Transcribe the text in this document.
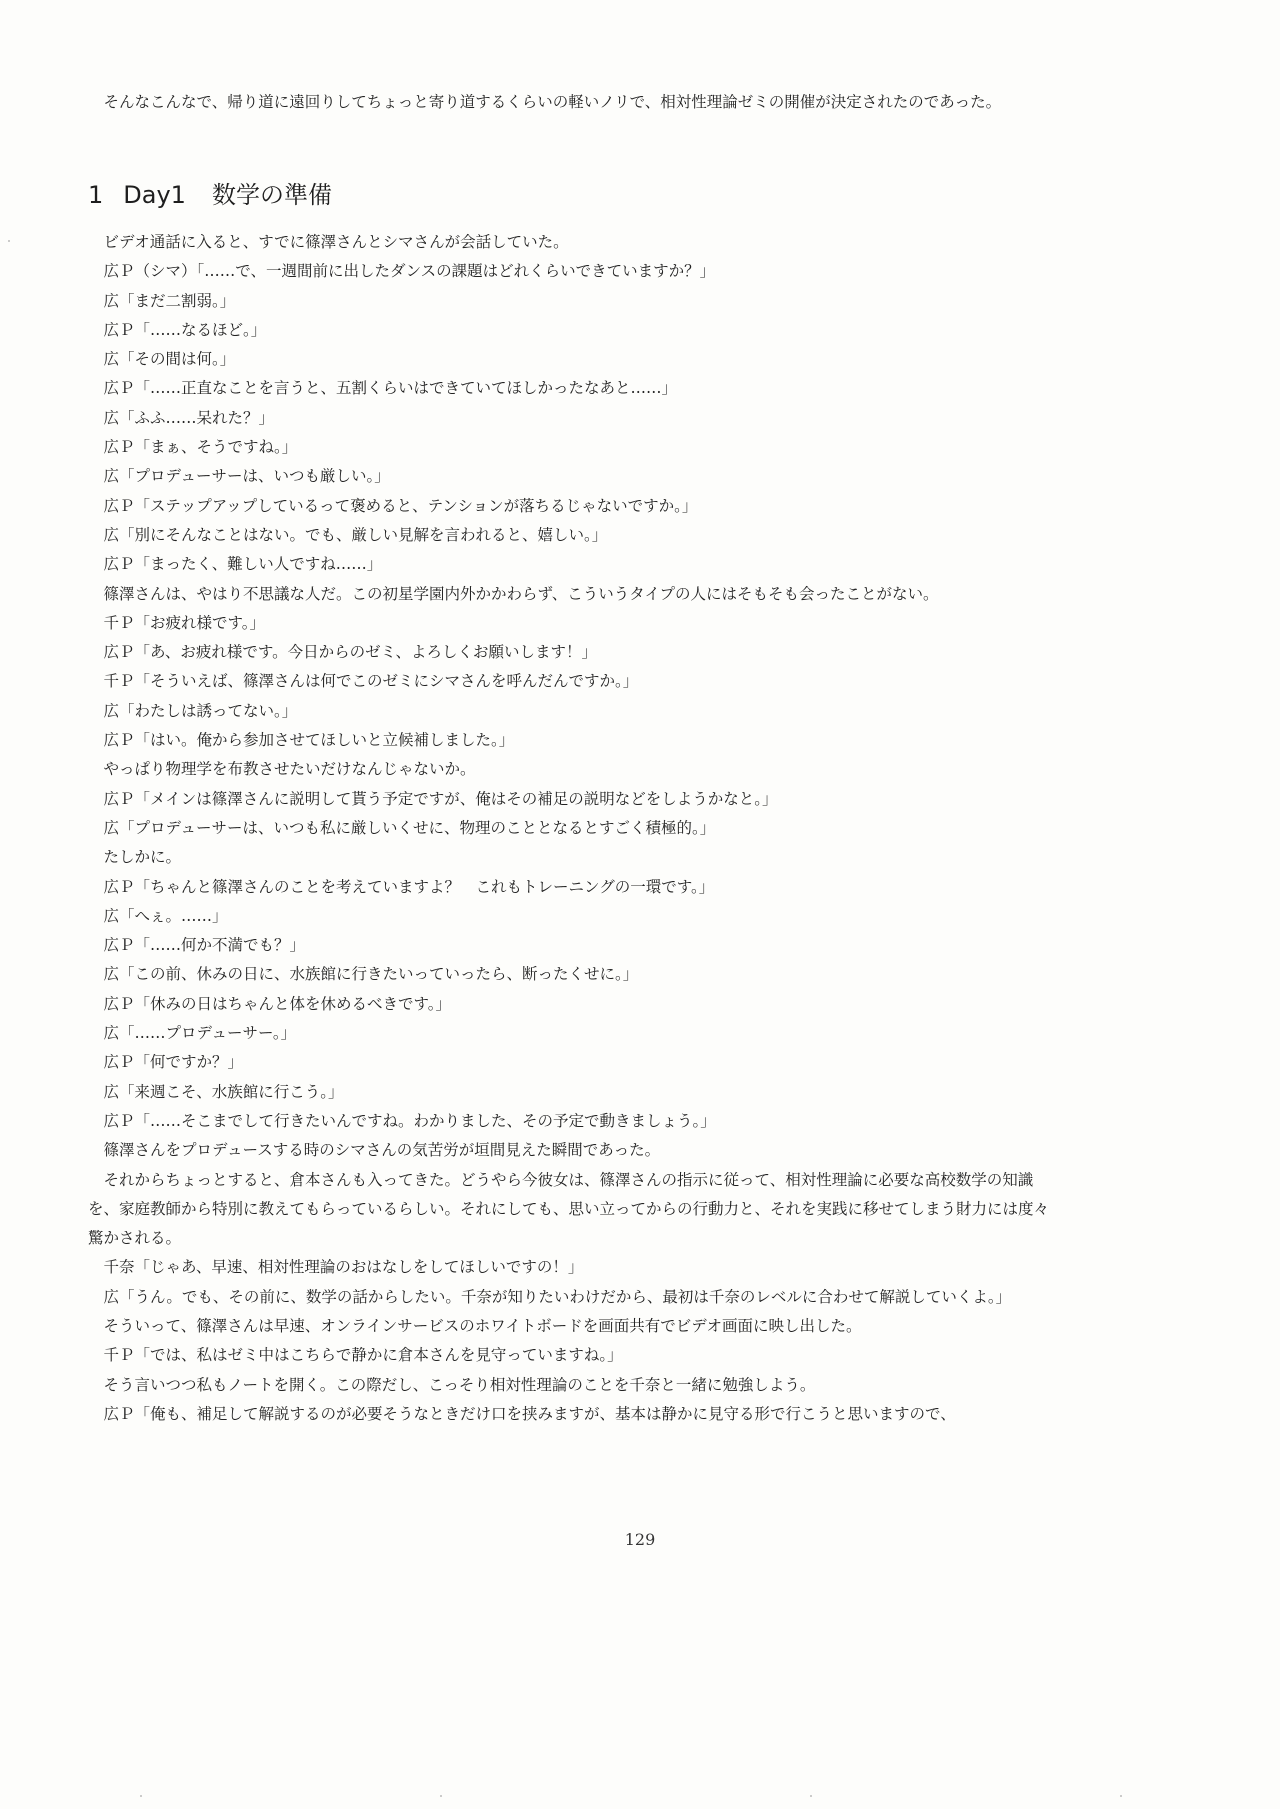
そんなこんなで、帰り道に遠回りしてちょっと寄り道するくらいの軽いノリで、相対性理論ゼミの開催が決定されたのであった。

1 Day1 数学の準備

ビデオ通話に入ると、すでに篠澤さんとシマさんが会話していた。

広Ｐ（シマ）「……で、一週間前に出したダンスの課題はどれくらいできていますか？」

広「まだ二割弱。」

広Ｐ「……なるほど。」

広「その間は何。」

広Ｐ「……正直なことを言うと、五割くらいはできていてほしかったなあと……」

広「ふふ……呆れた？」

広Ｐ「まぁ、そうですね。」

広「プロデューサーは、いつも厳しい。」

広Ｐ「ステップアップしているって褒めると、テンションが落ちるじゃないですか。」

広「別にそんなことはない。でも、厳しい見解を言われると、嬉しい。」

広Ｐ「まったく、難しい人ですね……」

篠澤さんは、やはり不思議な人だ。この初星学園内外かかわらず、こういうタイプの人にはそもそも会ったことがない。

千Ｐ「お疲れ様です。」

広Ｐ「あ、お疲れ様です。今日からのゼミ、よろしくお願いします！」

千Ｐ「そういえば、篠澤さんは何でこのゼミにシマさんを呼んだんですか。」

広「わたしは誘ってない。」

広Ｐ「はい。俺から参加させてほしいと立候補しました。」

やっぱり物理学を布教させたいだけなんじゃないか。

広Ｐ「メインは篠澤さんに説明して貰う予定ですが、俺はその補足の説明などをしようかなと。」

広「プロデューサーは、いつも私に厳しいくせに、物理のこととなるとすごく積極的。」

たしかに。

広Ｐ「ちゃんと篠澤さんのことを考えていますよ？　これもトレーニングの一環です。」

広「へぇ。……」

広Ｐ「……何か不満でも？」

広「この前、休みの日に、水族館に行きたいっていったら、断ったくせに。」

広Ｐ「休みの日はちゃんと体を休めるべきです。」

広「……プロデューサー。」

広Ｐ「何ですか？」

広「来週こそ、水族館に行こう。」

広Ｐ「……そこまでして行きたいんですね。わかりました、その予定で動きましょう。」

篠澤さんをプロデュースする時のシマさんの気苦労が垣間見えた瞬間であった。

それからちょっとすると、倉本さんも入ってきた。どうやら今彼女は、篠澤さんの指示に従って、相対性理論に必要な高校数学の知識を、家庭教師から特別に教えてもらっているらしい。それにしても、思い立ってからの行動力と、それを実践に移せてしまう財力には度々驚かされる。

千奈「じゃあ、早速、相対性理論のおはなしをしてほしいですの！」

広「うん。でも、その前に、数学の話からしたい。千奈が知りたいわけだから、最初は千奈のレベルに合わせて解説していくよ。」

そういって、篠澤さんは早速、オンラインサービスのホワイトボードを画面共有でビデオ画面に映し出した。

千Ｐ「では、私はゼミ中はこちらで静かに倉本さんを見守っていますね。」

そう言いつつ私もノートを開く。この際だし、こっそり相対性理論のことを千奈と一緒に勉強しよう。

広Ｐ「俺も、補足して解説するのが必要そうなときだけ口を挟みますが、基本は静かに見守る形で行こうと思いますので、

129
